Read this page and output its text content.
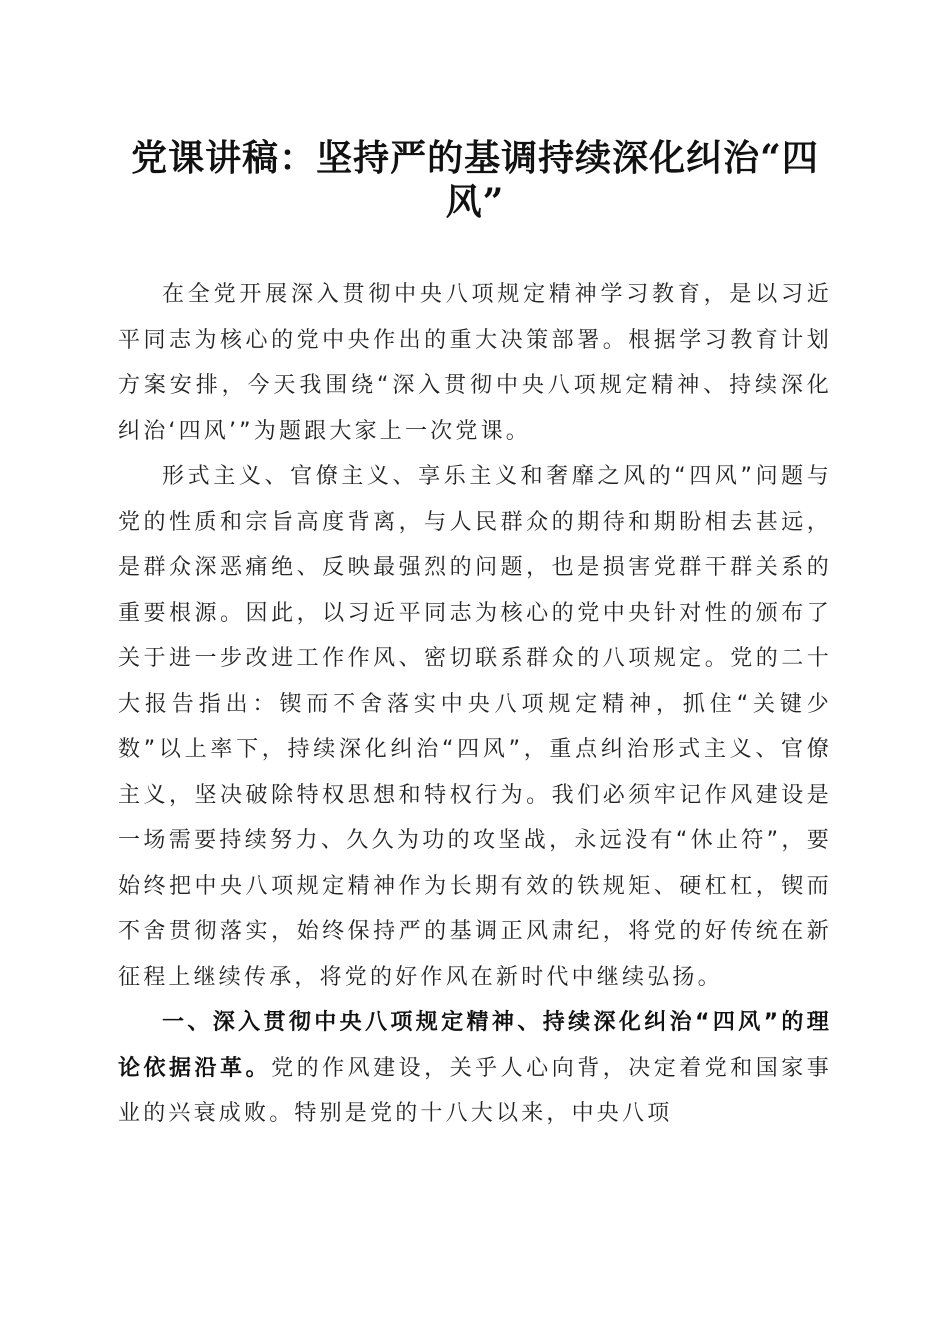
党课讲稿：坚持严的基调持续深化纠治“四风”

在全党开展深入贯彻中央八项规定精神学习教育，是以习近平同志为核心的党中央作出的重大决策部署。根据学习教育计划方案安排，今天我围绕“深入贯彻中央八项规定精神、持续深化纠治‘四风’”为题跟大家上一次党课。

形式主义、官僚主义、享乐主义和奢靡之风的“四风”问题与党的性质和宗旨高度背离，与人民群众的期待和期盼相去甚远，是群众深恶痛绝、反映最强烈的问题，也是损害党群干群关系的重要根源。因此，以习近平同志为核心的党中央针对性的颁布了关于进一步改进工作作风、密切联系群众的八项规定。党的二十大报告指出：锲而不舍落实中央八项规定精神，抓住“关键少数”以上率下，持续深化纠治“四风”，重点纠治形式主义、官僚主义，坚决破除特权思想和特权行为。我们必须牢记作风建设是一场需要持续努力、久久为功的攻坚战，永远没有“休止符”，要始终把中央八项规定精神作为长期有效的铁规矩、硬杠杠，锲而不舍贯彻落实，始终保持严的基调正风肃纪，将党的好传统在新征程上继续传承，将党的好作风在新时代中继续弘扬。

一、深入贯彻中央八项规定精神、持续深化纠治“四风”的理论依据沿革。党的作风建设，关乎人心向背，决定着党和国家事业的兴衰成败。特别是党的十八大以来，中央八项
